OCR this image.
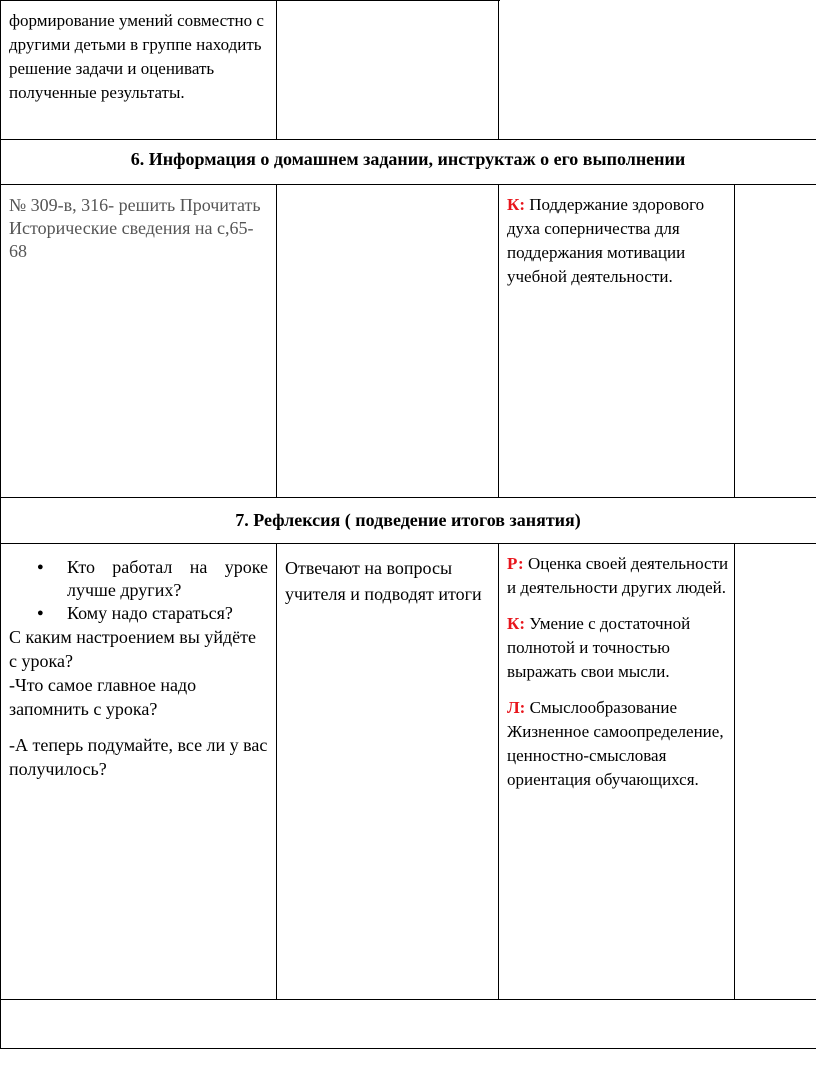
формирование умений совместно с другими детьми в группе находить решение задачи и оценивать полученные результаты.
6. Информация о домашнем задании, инструктаж о его выполнении
№ 309-в, 316- решить Прочитать Исторические сведения на с,65-68
К: Поддержание здорового духа соперничества для поддержания мотивации учебной деятельности.
7. Рефлексия ( подведение итогов занятия)
● Кто работал на уроке лучше других?
● Кому надо стараться?
С каким настроением вы уйдёте с урока?
-Что самое главное надо запомнить с урока?
-А теперь подумайте, все ли у вас получилось?
Отвечают на вопросы учителя и подводят итоги
Р: Оценка своей деятельности и деятельности других людей.
К: Умение с достаточной полнотой и точностью выражать свои мысли.
Л: Смыслообразование Жизненное самоопределение, ценностно-смысловая ориентация обучающихся.
